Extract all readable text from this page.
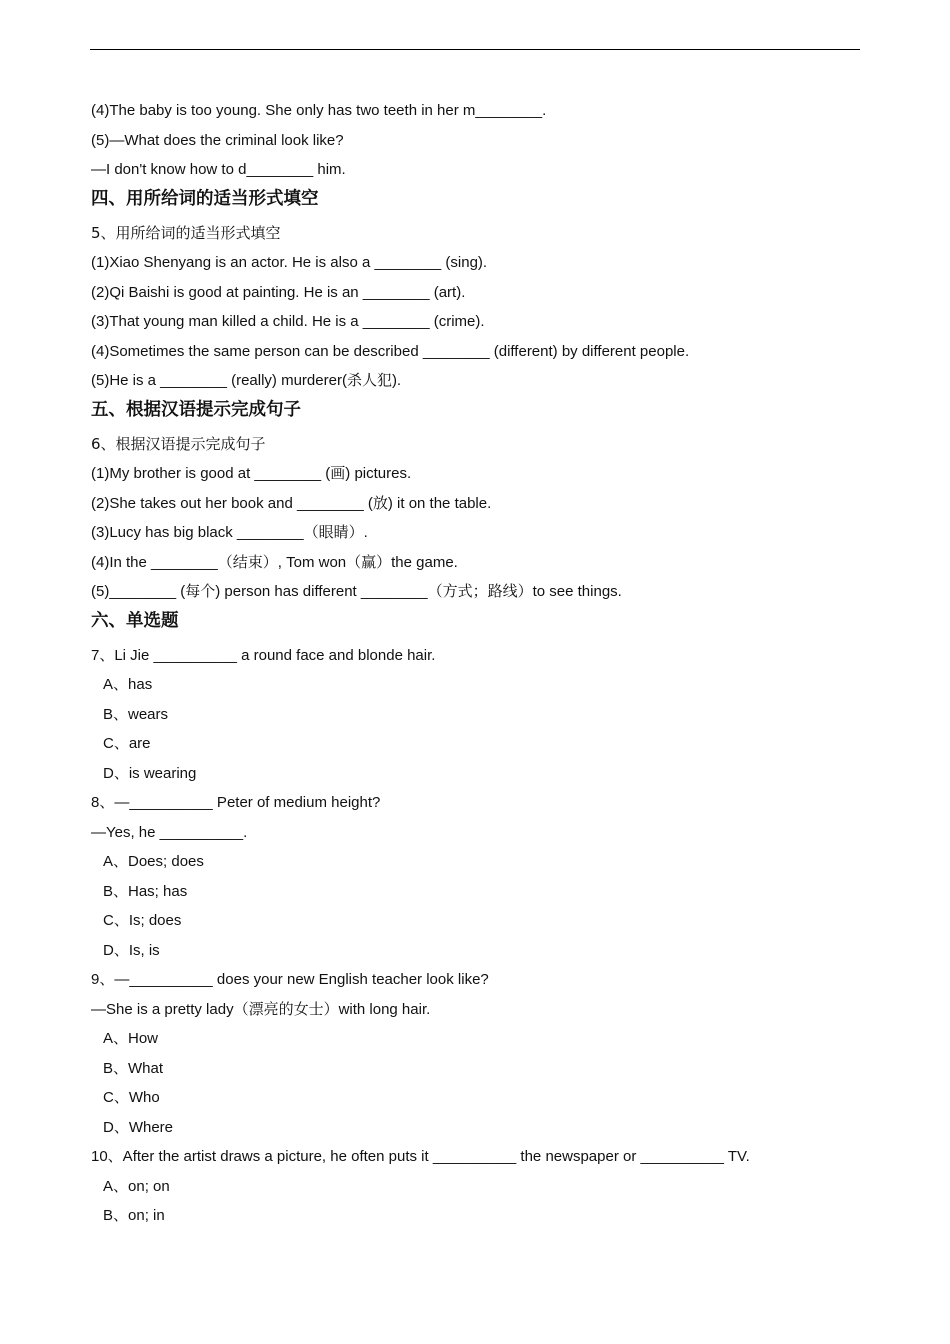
(4)The baby is too young. She only has two teeth in her m________.
(5)—What does the criminal look like?
—I don't know how to d________ him.
四、用所给词的适当形式填空
5、用所给词的适当形式填空
(1)Xiao Shenyang is an actor. He is also a ________ (sing).
(2)Qi Baishi is good at painting. He is an ________ (art).
(3)That young man killed a child. He is a ________ (crime).
(4)Sometimes the same person can be described ________ (different) by different people.
(5)He is a ________ (really) murderer(杀人犯).
五、根据汉语提示完成句子
6、根据汉语提示完成句子
(1)My brother is good at ________ (画) pictures.
(2)She takes out her book and ________ (放) it on the table.
(3)Lucy has big black ________（眼睛）.
(4)In the ________（结束）, Tom won（赢）the game.
(5)________ (每个) person has different ________（方式；路线）to see things.
六、单选题
7、Li Jie __________ a round face and blonde hair.
A、has
B、wears
C、are
D、is wearing
8、—__________ Peter of medium height?
—Yes, he __________.
A、Does; does
B、Has; has
C、Is; does
D、Is, is
9、—__________ does your new English teacher look like?
—She is a pretty lady（漂亮的女士）with long hair.
A、How
B、What
C、Who
D、Where
10、After the artist draws a picture, he often puts it __________ the newspaper or __________ TV.
A、on; on
B、on; in
